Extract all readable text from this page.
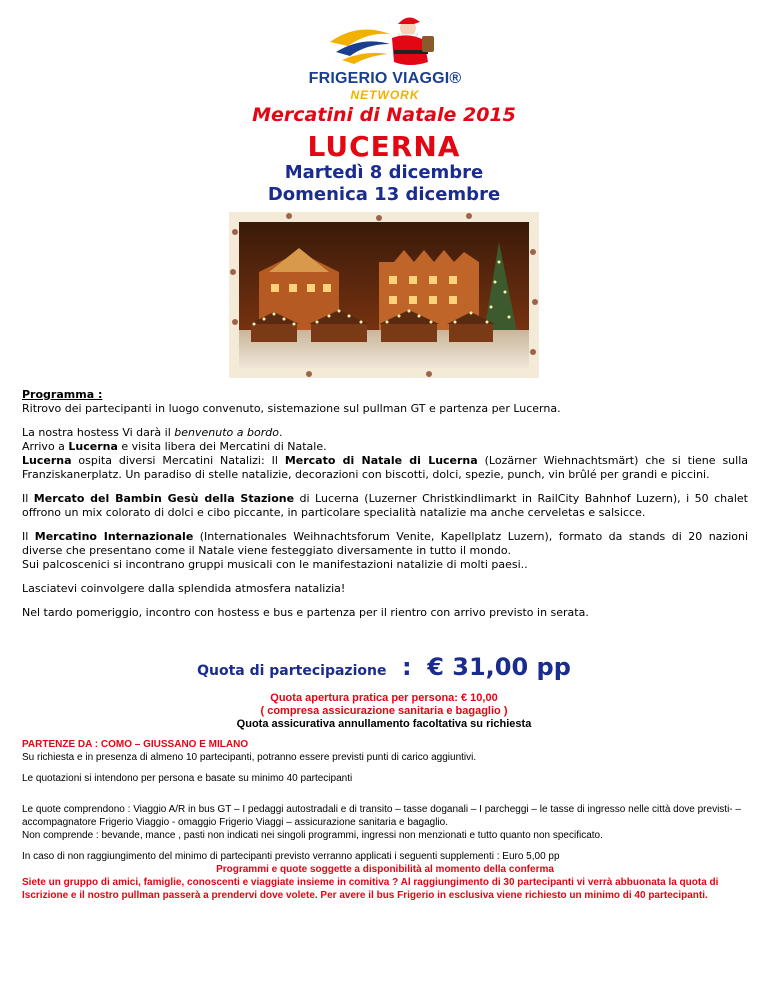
FRIGERIO VIAGGI®
NETWORK
Mercatini di Natale 2015
LUCERNA
Martedì 8 dicembre
Domenica 13 dicembre

Programma :

Ritrovo dei partecipanti in luogo convenuto, sistemazione sul pullman GT e partenza per Lucerna.

La nostra hostess Vi darà il benvenuto a bordo.

Arrivo a Lucerna e visita libera dei Mercatini di Natale.

Lucerna ospita diversi Mercatini Natalizi: Il Mercato di Natale di Lucerna (Lozärner Wiehnachtsmärt) che si tiene sulla Franziskanerplatz. Un paradiso di stelle natalizie, decorazioni con biscotti, dolci, spezie, punch, vin brûlé per grandi e piccini.

Il Mercato del Bambin Gesù della Stazione di Lucerna (Luzerner Christkindlimarkt in RailCity Bahnhof Luzern), i 50 chalet offrono un mix colorato di dolci e cibo piccante, in particolare specialità natalizie ma anche cerveletas e salsicce.

Il Mercatino Internazionale (Internationales Weihnachtsforum Venite, Kapellplatz Luzern), formato da stands di 20 nazioni diverse che presentano come il Natale viene festeggiato diversamente in tutto il mondo.

Sui palcoscenici si incontrano gruppi musicali con le manifestazioni natalizie di molti paesi..

Lasciatevi coinvolgere dalla splendida atmosfera natalizia!

Nel tardo pomeriggio, incontro con hostess e bus e partenza per il rientro con arrivo previsto in serata.

Quota di partecipazione : € 31,00 pp
Quota apertura pratica per persona: € 10,00
( compresa assicurazione sanitaria e bagaglio )
Quota assicurativa annullamento facoltativa su richiesta

PARTENZE DA : COMO – GIUSSANO E MILANO

Su richiesta e in presenza di almeno 10 partecipanti, potranno essere previsti punti di carico aggiuntivi.

Le quotazioni si intendono per persona e basate su minimo 40 partecipanti

Le quote comprendono : Viaggio A/R in bus GT – I pedaggi autostradali e di transito – tasse doganali – I parcheggi – le tasse di ingresso nelle città dove previsti- – accompagnatore Frigerio Viaggio - omaggio Frigerio Viaggi – assicurazione sanitaria e bagaglio.

Non comprende : bevande, mance , pasti non indicati nei singoli programmi, ingressi non menzionati e tutto quanto non specificato.

In caso di non raggiungimento del minimo di partecipanti previsto verranno applicati i seguenti supplementi : Euro 5,00 pp

Programmi e quote soggette a disponibilità al momento della conferma

Siete un gruppo di amici, famiglie, conoscenti e viaggiate insieme in comitiva ? Al raggiungimento di 30 partecipanti vi verrà abbuonata la quota di Iscrizione e il nostro pullman passerà a prendervi dove volete. Per avere il bus Frigerio in esclusiva viene richiesto un minimo di 40 partecipanti.
